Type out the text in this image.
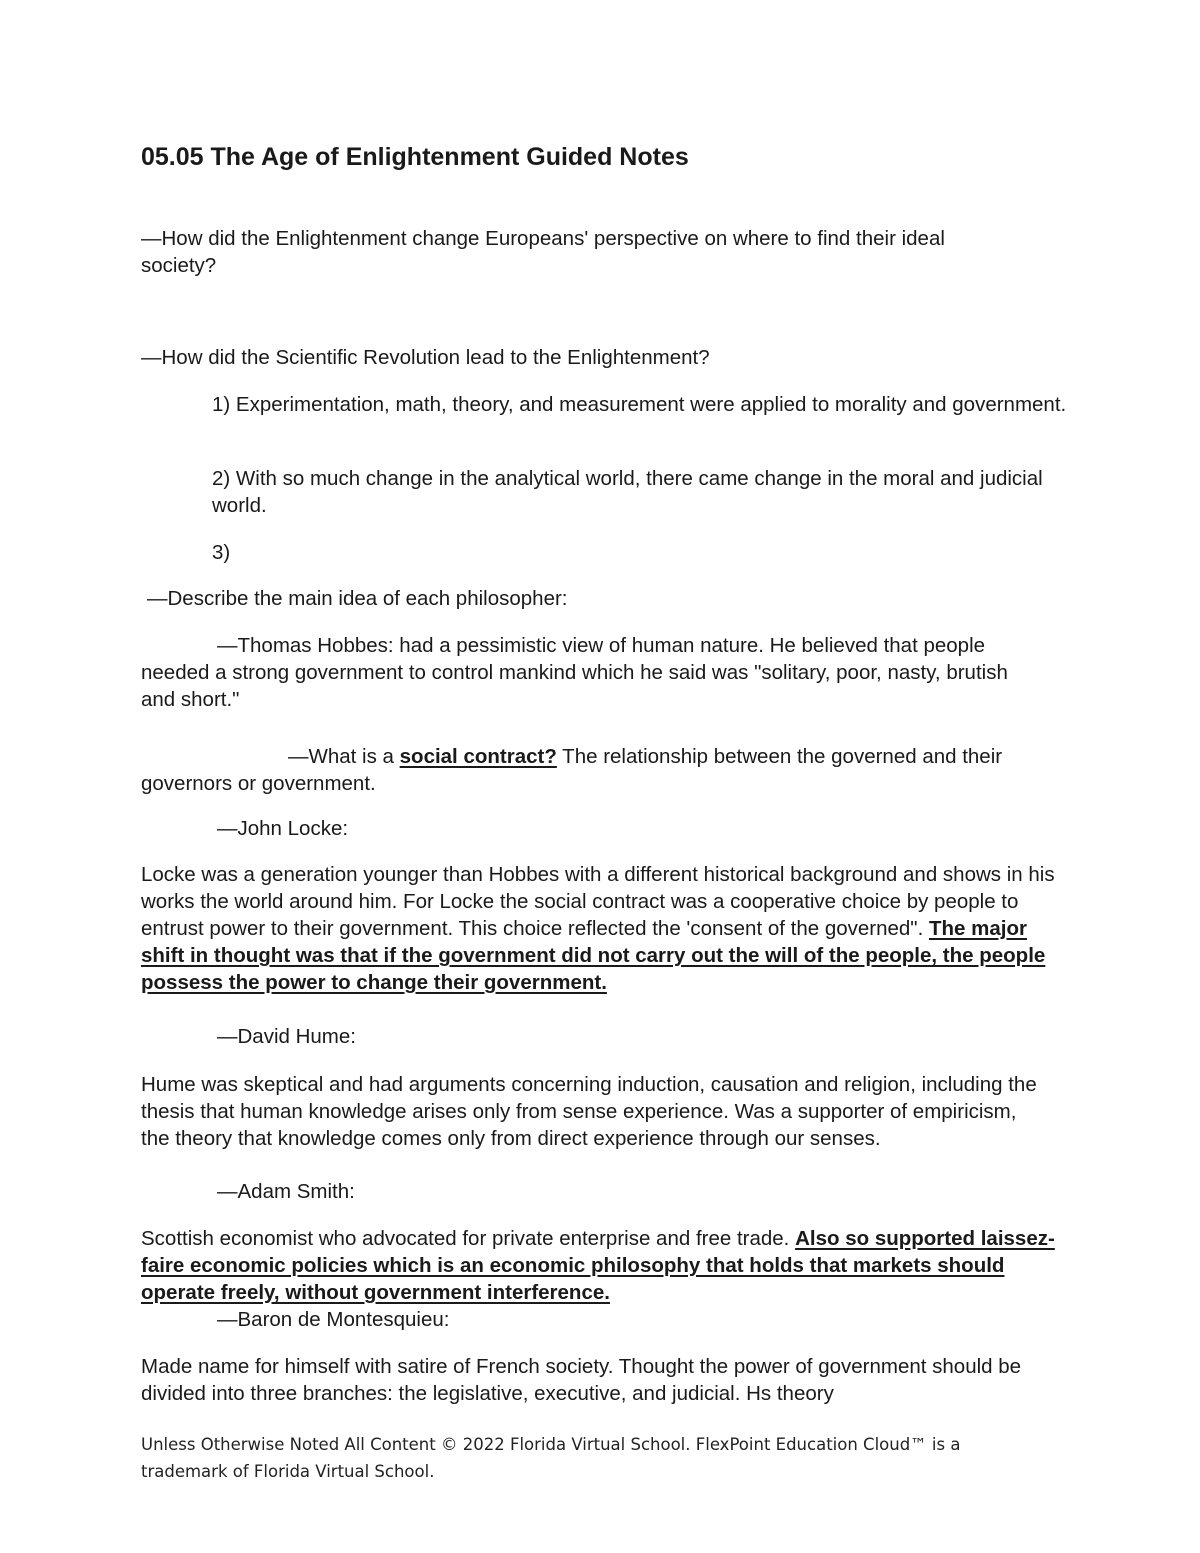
05.05 The Age of Enlightenment Guided Notes

—How did the Enlightenment change Europeans' perspective on where to find their ideal society?

—How did the Scientific Revolution lead to the Enlightenment?

1) Experimentation, math, theory, and measurement were applied to morality and government.

2) With so much change in the analytical world, there came change in the moral and judicial world.

3)

—Describe the main idea of each philosopher:

—Thomas Hobbes: had a pessimistic view of human nature. He believed that people needed a strong government to control mankind which he said was "solitary, poor, nasty, brutish and short."

—What is a social contract? The relationship between the governed and their governors or government.

—John Locke:

Locke was a generation younger than Hobbes with a different historical background and shows in his works the world around him. For Locke the social contract was a cooperative choice by people to entrust power to their government. This choice reflected the 'consent of the governed". The major shift in thought was that if the government did not carry out the will of the people, the people possess the power to change their government.

—David Hume:

Hume was skeptical and had arguments concerning induction, causation and religion, including the thesis that human knowledge arises only from sense experience. Was a supporter of empiricism, the theory that knowledge comes only from direct experience through our senses.

—Adam Smith:

Scottish economist who advocated for private enterprise and free trade. Also so supported laissez-faire economic policies which is an economic philosophy that holds that markets should operate freely, without government interference.

—Baron de Montesquieu:

Made name for himself with satire of French society. Thought the power of government should be divided into three branches: the legislative, executive, and judicial. Hs theory

Unless Otherwise Noted All Content © 2022 Florida Virtual School. FlexPoint Education Cloud™ is a trademark of Florida Virtual School.
